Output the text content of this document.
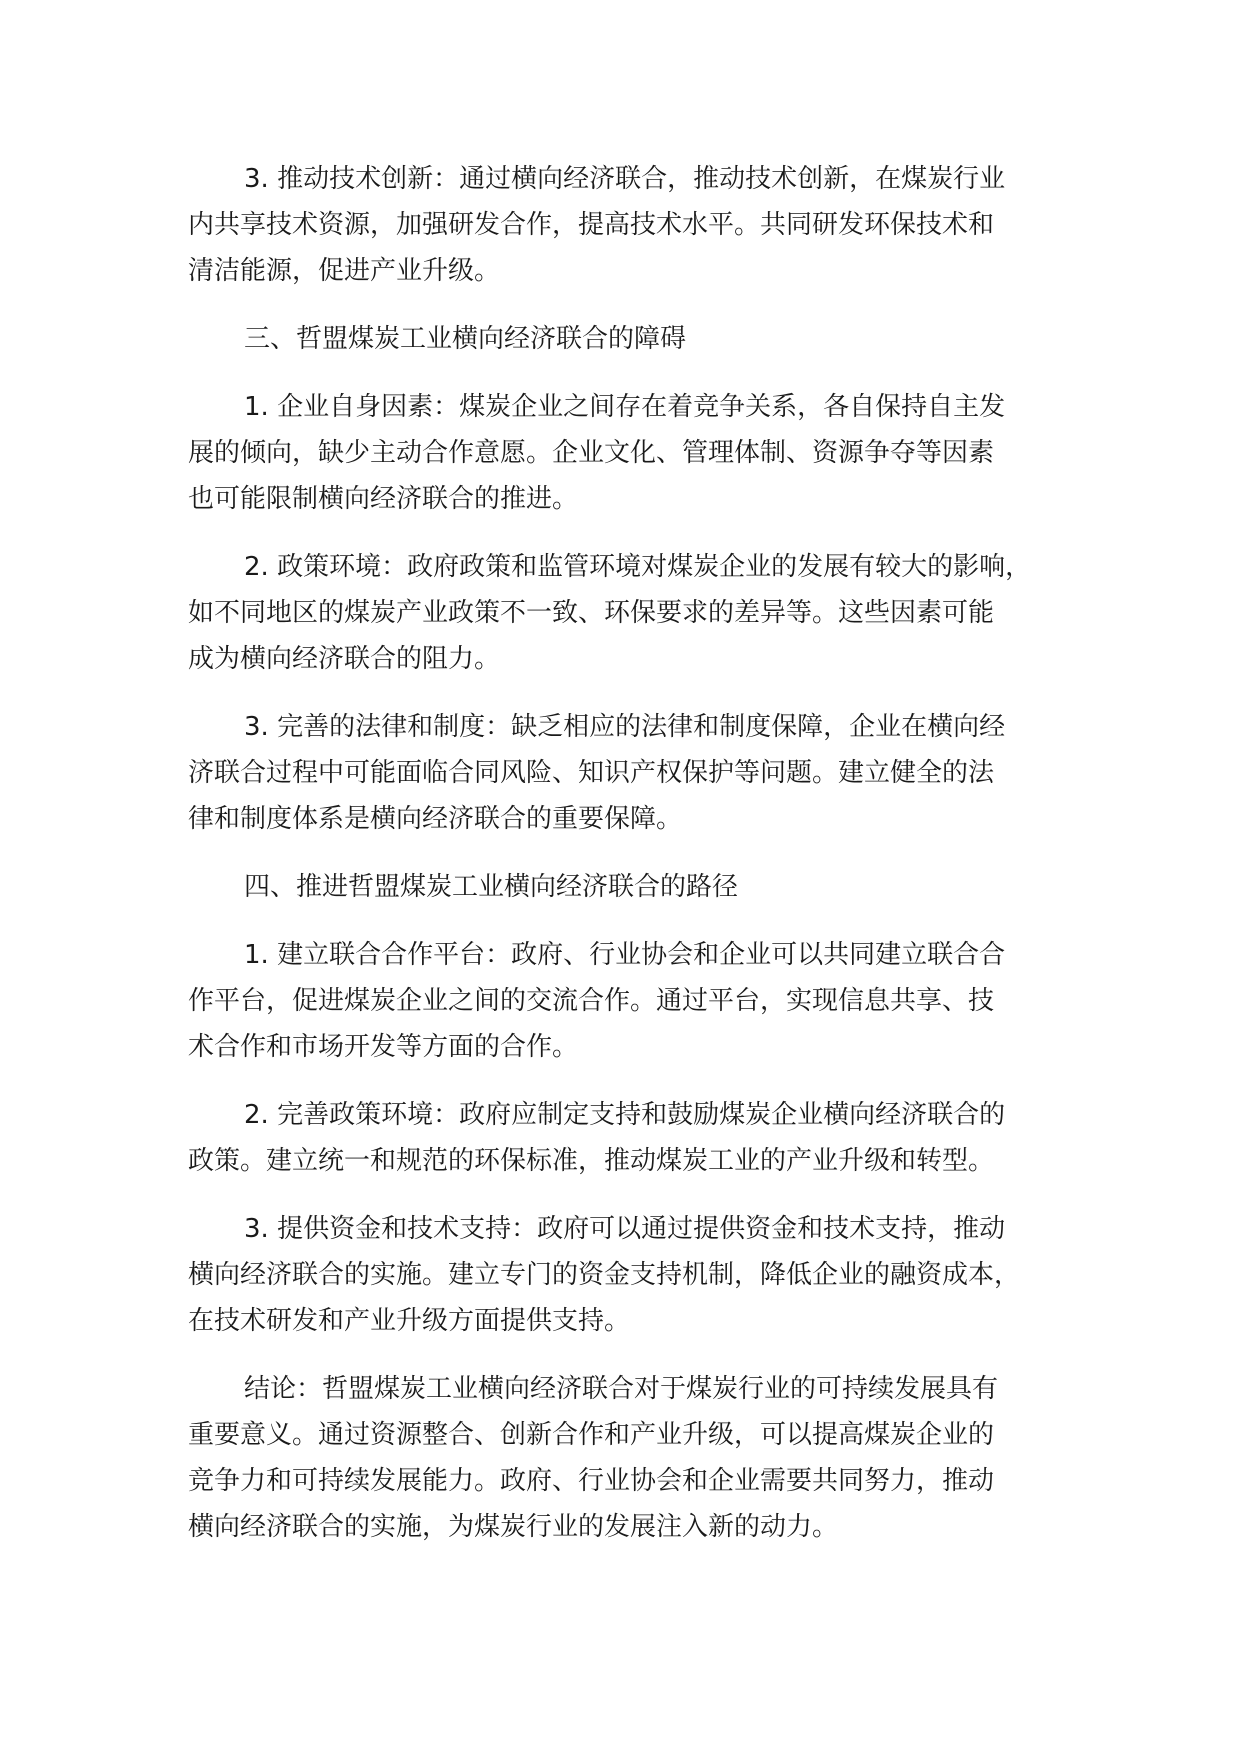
3. 推动技术创新：通过横向经济联合，推动技术创新，在煤炭行业
内共享技术资源，加强研发合作，提高技术水平。共同研发环保技术和
清洁能源，促进产业升级。

三、哲盟煤炭工业横向经济联合的障碍

1. 企业自身因素：煤炭企业之间存在着竞争关系，各自保持自主发
展的倾向，缺少主动合作意愿。企业文化、管理体制、资源争夺等因素
也可能限制横向经济联合的推进。

2. 政策环境：政府政策和监管环境对煤炭企业的发展有较大的影响，
如不同地区的煤炭产业政策不一致、环保要求的差异等。这些因素可能
成为横向经济联合的阻力。

3. 完善的法律和制度：缺乏相应的法律和制度保障，企业在横向经
济联合过程中可能面临合同风险、知识产权保护等问题。建立健全的法
律和制度体系是横向经济联合的重要保障。

四、推进哲盟煤炭工业横向经济联合的路径

1. 建立联合合作平台：政府、行业协会和企业可以共同建立联合合
作平台，促进煤炭企业之间的交流合作。通过平台，实现信息共享、技
术合作和市场开发等方面的合作。

2. 完善政策环境：政府应制定支持和鼓励煤炭企业横向经济联合的
政策。建立统一和规范的环保标准，推动煤炭工业的产业升级和转型。

3. 提供资金和技术支持：政府可以通过提供资金和技术支持，推动
横向经济联合的实施。建立专门的资金支持机制，降低企业的融资成本，
在技术研发和产业升级方面提供支持。

结论：哲盟煤炭工业横向经济联合对于煤炭行业的可持续发展具有
重要意义。通过资源整合、创新合作和产业升级，可以提高煤炭企业的
竞争力和可持续发展能力。政府、行业协会和企业需要共同努力，推动
横向经济联合的实施，为煤炭行业的发展注入新的动力。
